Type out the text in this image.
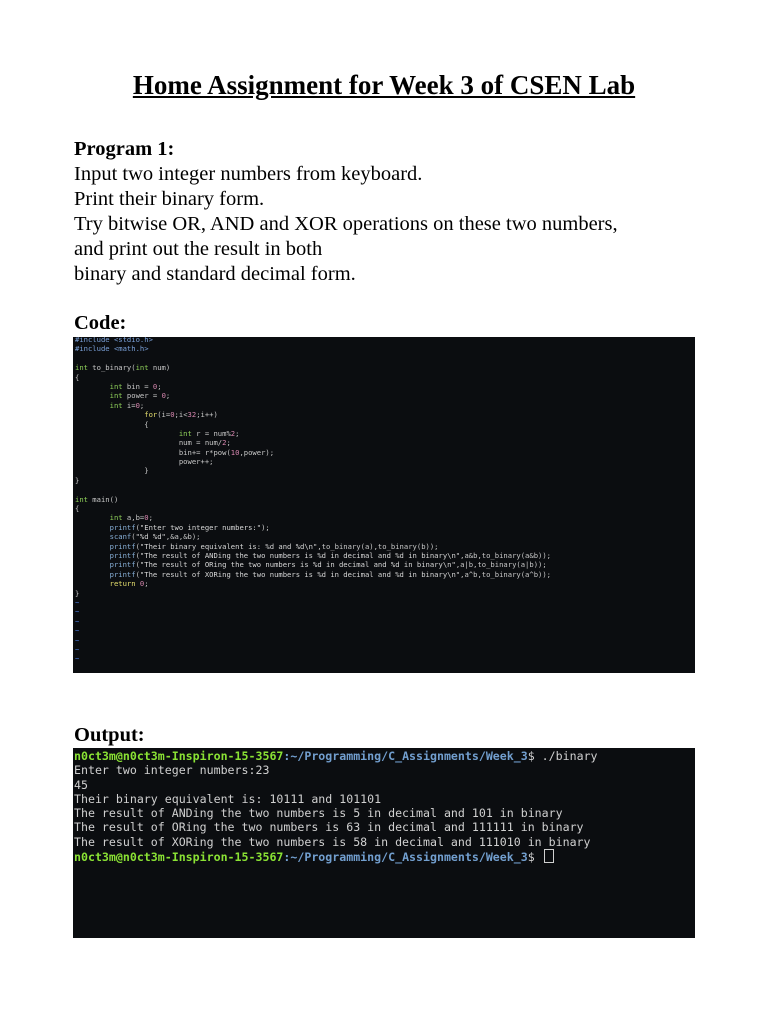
Home Assignment for Week 3 of CSEN Lab
Program 1:
Input two integer numbers from keyboard.
Print their binary form.
Try bitwise OR, AND and XOR operations on these two numbers,
and print out the result in both
binary and standard decimal form.
Code:
#include <stdio.h>
#include <math.h>
int to_binary(int num)
{
int bin = 0;
int power = 0;
int i=0;
for(i=0;i<32;i++)
{
int r = num%2;
num = num/2;
bin+= r*pow(10,power);
power++;
}
}
int main()
{
int a,b=0;
printf("Enter two integer numbers:");
scanf("%d %d",&a,&b);
printf("Their binary equivalent is: %d and %d\n",to_binary(a),to_binary(b));
printf("The result of ANDing the two numbers is %d in decimal and %d in binary\n",a&b,to_binary(a&b));
printf("The result of ORing the two numbers is %d in decimal and %d in binary\n",a|b,to_binary(a|b));
printf("The result of XORing the two numbers is %d in decimal and %d in binary\n",a^b,to_binary(a^b));
return 0;
}
~
~
~
~
~
~
~
Output:
n0ct3m@n0ct3m-Inspiron-15-3567:~/Programming/C_Assignments/Week_3$ ./binary
Enter two integer numbers:23
45
Their binary equivalent is: 10111 and 101101
The result of ANDing the two numbers is 5 in decimal and 101 in binary
The result of ORing the two numbers is 63 in decimal and 111111 in binary
The result of XORing the two numbers is 58 in decimal and 111010 in binary
n0ct3m@n0ct3m-Inspiron-15-3567:~/Programming/C_Assignments/Week_3$
